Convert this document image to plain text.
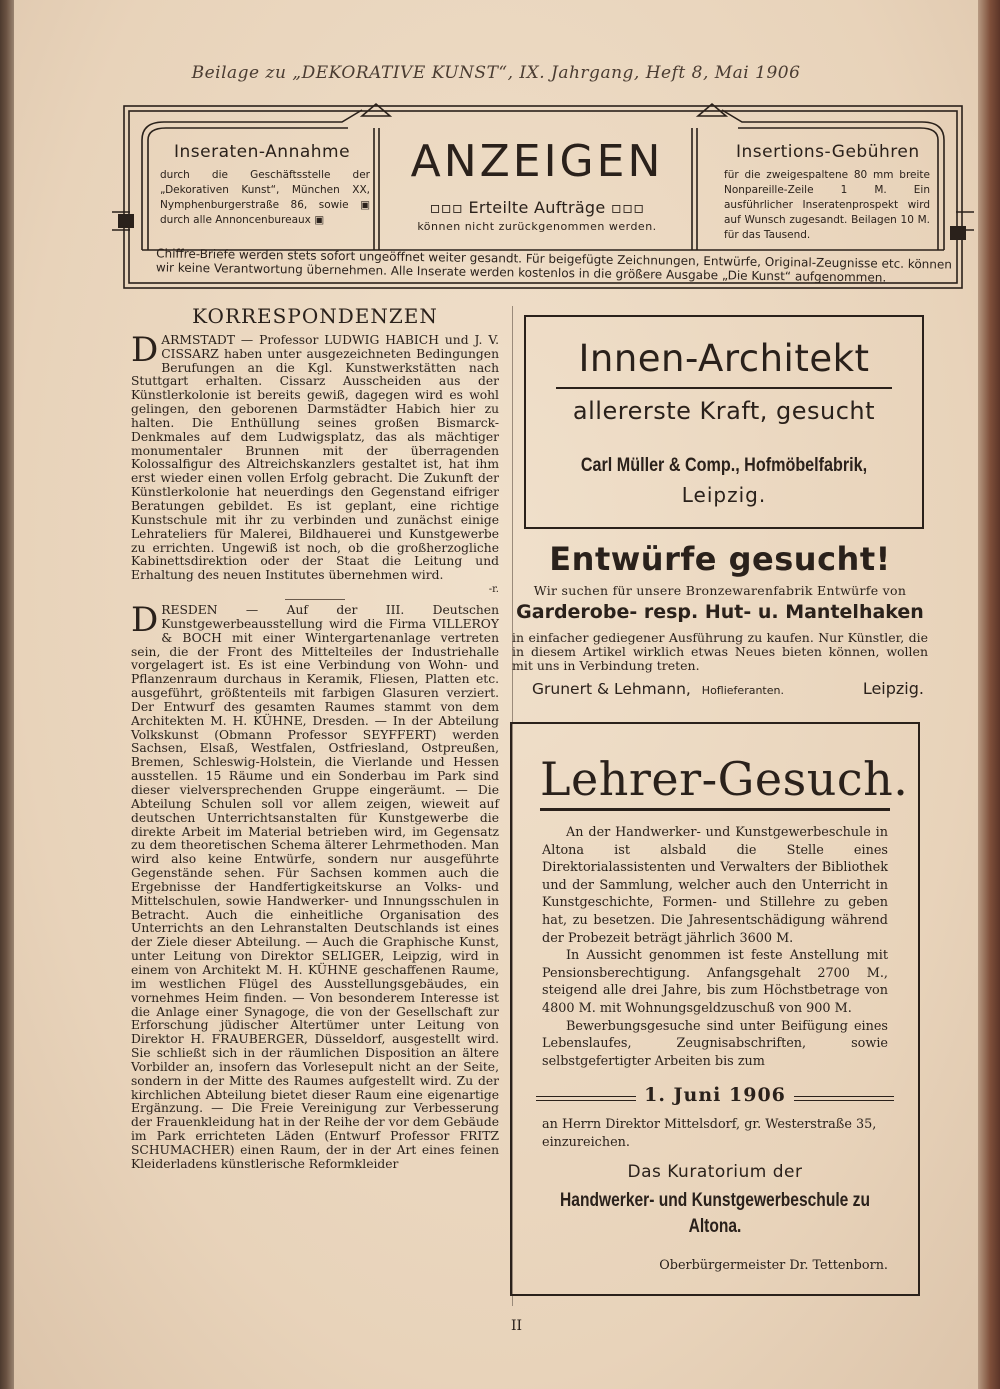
Beilage zu „DEKORATIVE KUNST“, IX. Jahrgang, Heft 8, Mai 1906
Inseraten-Annahme
durch die Geschäftsstelle der „Dekorativen Kunst“, München XX, Nymphenburgerstraße 86, sowie ▣ durch alle Annoncenbureaux ▣
ANZEIGEN
▫▫▫ Erteilte Aufträge ▫▫▫
können nicht zurückgenommen werden.
Insertions-Gebühren
für die zweigespaltene 80 mm breite Nonpareille-Zeile 1 M. Ein ausführlicher Inseratenprospekt wird auf Wunsch zugesandt. Beilagen 10 M. für das Tausend.
Chiffre-Briefe werden stets sofort ungeöffnet weiter gesandt. Für beigefügte Zeichnungen, Entwürfe, Original-Zeugnisse etc. können wir keine Verantwortung übernehmen. Alle Inserate werden kostenlos in die größere Ausgabe „Die Kunst“ aufgenommen.
KORRESPONDENZEN

D ARMSTADT — Professor LUDWIG HABICH und J. V. CISSARZ haben unter ausgezeichneten Bedingungen Berufungen an die Kgl. Kunstwerkstätten nach Stuttgart erhalten. Cissarz Ausscheiden aus der Künstlerkolonie ist bereits gewiß, dagegen wird es wohl gelingen, den geborenen Darmstädter Habich hier zu halten. Die Enthüllung seines großen Bismarck-Denkmales auf dem Ludwigsplatz, das als mächtiger monumentaler Brunnen mit der überragenden Kolossalfigur des Altreichskanzlers gestaltet ist, hat ihm erst wieder einen vollen Erfolg gebracht. Die Zukunft der Künstlerkolonie hat neuerdings den Gegenstand eifriger Beratungen gebildet. Es ist geplant, eine richtige Kunstschule mit ihr zu verbinden und zunächst einige Lehrateliers für Malerei, Bildhauerei und Kunstgewerbe zu errichten. Ungewiß ist noch, ob die großherzogliche Kabinettsdirektion oder der Staat die Leitung und Erhaltung des neuen Institutes übernehmen wird.

-r.

D RESDEN — Auf der III. Deutschen Kunstgewerbeausstellung wird die Firma VILLEROY & BOCH mit einer Wintergartenanlage vertreten sein, die der Front des Mittelteiles der Industriehalle vorgelagert ist. Es ist eine Verbindung von Wohn- und Pflanzenraum durchaus in Keramik, Fliesen, Platten etc. ausgeführt, größtenteils mit farbigen Glasuren verziert. Der Entwurf des gesamten Raumes stammt von dem Architekten M. H. KÜHNE, Dresden. — In der Abteilung Volkskunst (Obmann Professor SEYFFERT) werden Sachsen, Elsaß, Westfalen, Ostfriesland, Ostpreußen, Bremen, Schleswig-Holstein, die Vierlande und Hessen ausstellen. 15 Räume und ein Sonderbau im Park sind dieser vielversprechenden Gruppe eingeräumt. — Die Abteilung Schulen soll vor allem zeigen, wieweit auf deutschen Unterrichtsanstalten für Kunstgewerbe die direkte Arbeit im Material betrieben wird, im Gegensatz zu dem theoretischen Schema älterer Lehrmethoden. Man wird also keine Entwürfe, sondern nur ausgeführte Gegenstände sehen. Für Sachsen kommen auch die Ergebnisse der Handfertigkeitskurse an Volks- und Mittelschulen, sowie Handwerker- und Innungsschulen in Betracht. Auch die einheitliche Organisation des Unterrichts an den Lehranstalten Deutschlands ist eines der Ziele dieser Abteilung. — Auch die Graphische Kunst, unter Leitung von Direktor SELIGER, Leipzig, wird in einem von Architekt M. H. KÜHNE geschaffenen Raume, im westlichen Flügel des Ausstellungsgebäudes, ein vornehmes Heim finden. — Von besonderem Interesse ist die Anlage einer Synagoge, die von der Gesellschaft zur Erforschung jüdischer Altertümer unter Leitung von Direktor H. FRAUBERGER, Düsseldorf, ausgestellt wird. Sie schließt sich in der räumlichen Disposition an ältere Vorbilder an, insofern das Vorlesepult nicht an der Seite, sondern in der Mitte des Raumes aufgestellt wird. Zu der kirchlichen Abteilung bietet dieser Raum eine eigenartige Ergänzung. — Die Freie Vereinigung zur Verbesserung der Frauenkleidung hat in der Reihe der vor dem Gebäude im Park errichteten Läden (Entwurf Professor FRITZ SCHUMACHER) einen Raum, der in der Art eines feinen Kleiderladens künstlerische Reformkleider

II
Innen-Architekt
allererste Kraft, gesucht
Carl Müller & Comp., Hofmöbelfabrik,
Leipzig.
Entwürfe gesucht!
Wir suchen für unsere Bronzewarenfabrik Entwürfe von
Garderobe- resp. Hut- u. Mantelhaken
in einfacher gediegener Ausführung zu kaufen. Nur Künstler, die in diesem Artikel wirklich etwas Neues bieten können, wollen mit uns in Verbindung treten.
Grunert & Lehmann, Hoflieferanten.	Leipzig.
Lehrer-Gesuch.

An der Handwerker- und Kunstgewerbeschule in Altona ist alsbald die Stelle eines Direktorialassistenten und Verwalters der Bibliothek und der Sammlung, welcher auch den Unterricht in Kunstgeschichte, Formen- und Stillehre zu geben hat, zu besetzen. Die Jahresentschädigung während der Probezeit beträgt jährlich 3600 M.

In Aussicht genommen ist feste Anstellung mit Pensionsberechtigung. Anfangsgehalt 2700 M., steigend alle drei Jahre, bis zum Höchstbetrage von 4800 M. mit Wohnungsgeldzuschuß von 900 M.

Bewerbungsgesuche sind unter Beifügung eines Lebenslaufes, Zeugnisabschriften, sowie selbstgefertigter Arbeiten bis zum

1. Juni 1906
an Herrn Direktor Mittelsdorf, gr. Westerstraße 35, einzureichen.
Das Kuratorium der
Handwerker- und Kunstgewerbeschule zu Altona.
Oberbürgermeister Dr. Tettenborn.
